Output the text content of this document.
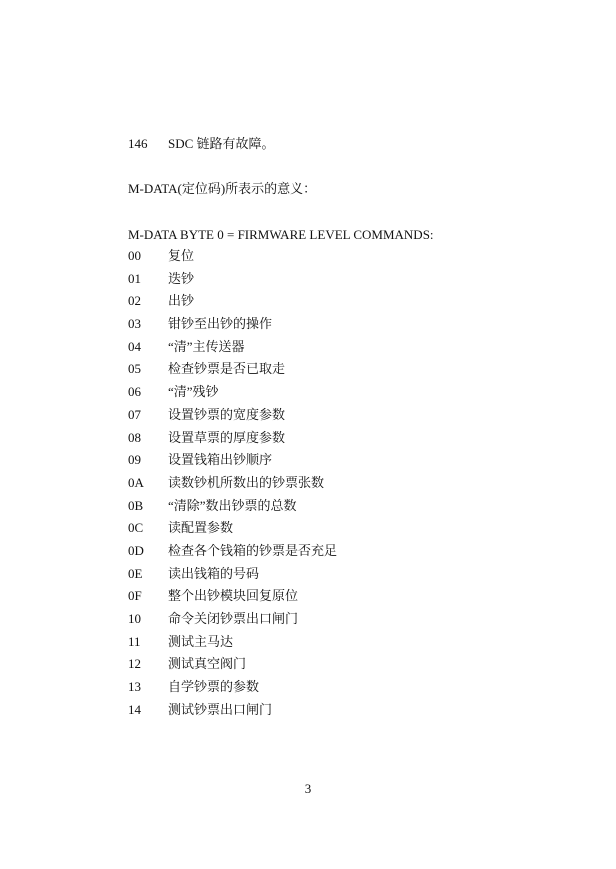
146 SDC 链路有故障。
M-DATA(定位码)所表示的意义：
M-DATA BYTE 0 = FIRMWARE LEVEL COMMANDS:
00 复位
01 迭钞
02 出钞
03 钳钞至出钞的操作
04 “清”主传送器
05 检查钞票是否已取走
06 “清”残钞
07 设置钞票的宽度参数
08 设置草票的厚度参数
09 设置钱箱出钞顺序
0A 读数钞机所数出的钞票张数
0B “清除”数出钞票的总数
0C 读配置参数
0D 检查各个钱箱的钞票是否充足
0E 读出钱箱的号码
0F 整个出钞模块回复原位
10 命令关闭钞票出口闸门
11 测试主马达
12 测试真空阀门
13 自学钞票的参数
14 测试钞票出口闸门
3
